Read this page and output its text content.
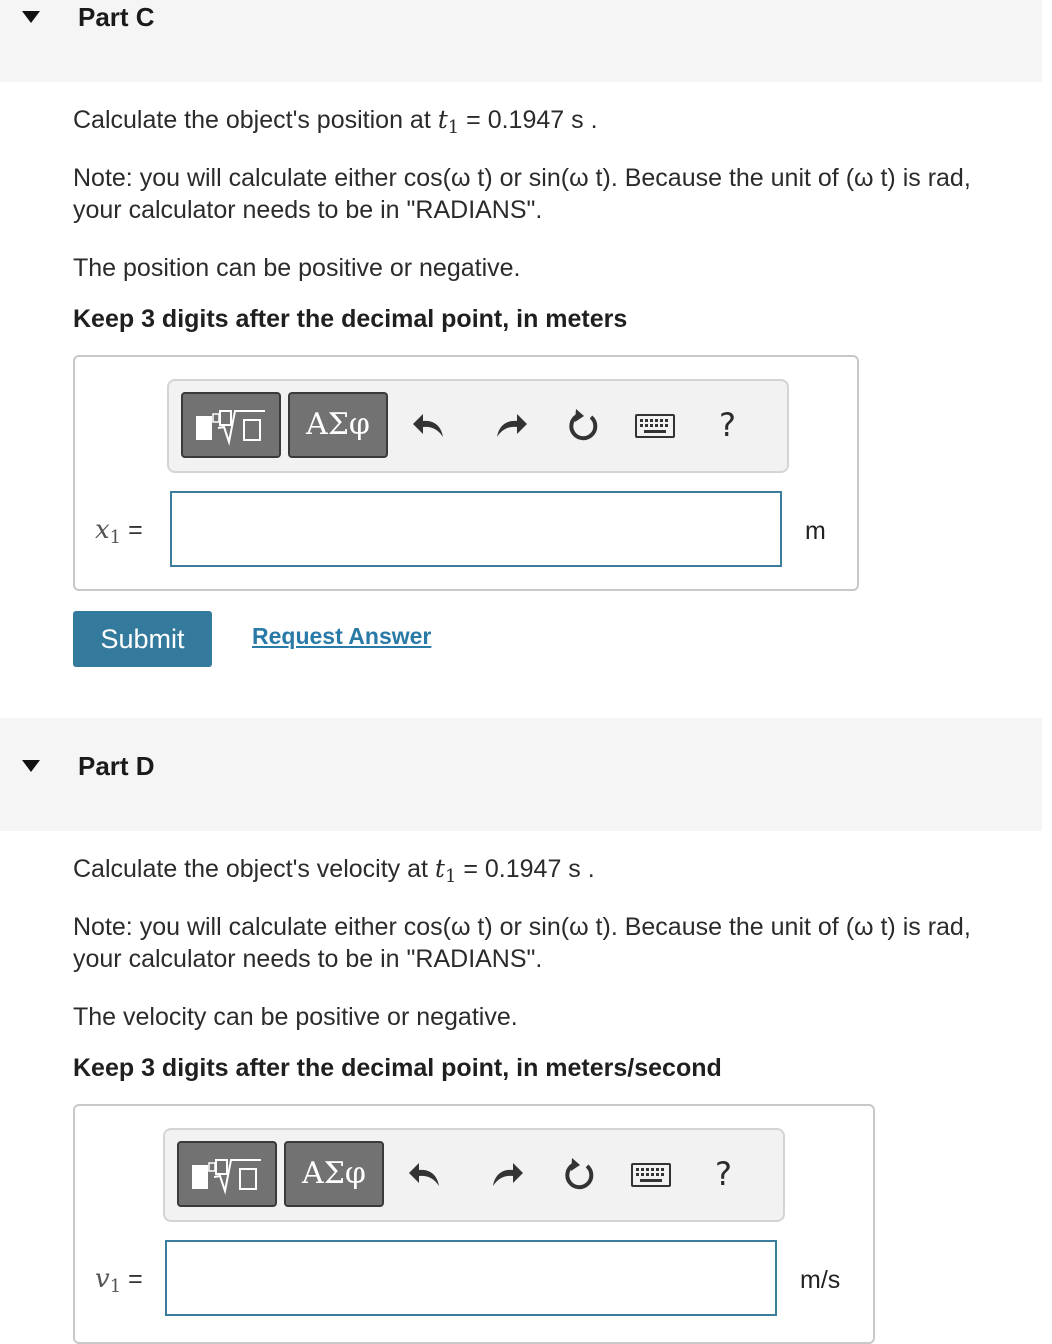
Part C
Calculate the object's position at $t_1 = 0.1947$ s .
Note: you will calculate either cos(ω t) or sin(ω t). Because the unit of (ω t) is rad, your calculator needs to be in "RADIANS".
The position can be positive or negative.
Keep 3 digits after the decimal point, in meters
ΑΣφ	?
x1 =	m
Submit	Request Answer
Part D
Calculate the object's velocity at $t_1 = 0.1947$ s .
Note: you will calculate either cos(ω t) or sin(ω t). Because the unit of (ω t) is rad, your calculator needs to be in "RADIANS".
The velocity can be positive or negative.
Keep 3 digits after the decimal point, in meters/second
ΑΣφ	?
v1 =	m/s
